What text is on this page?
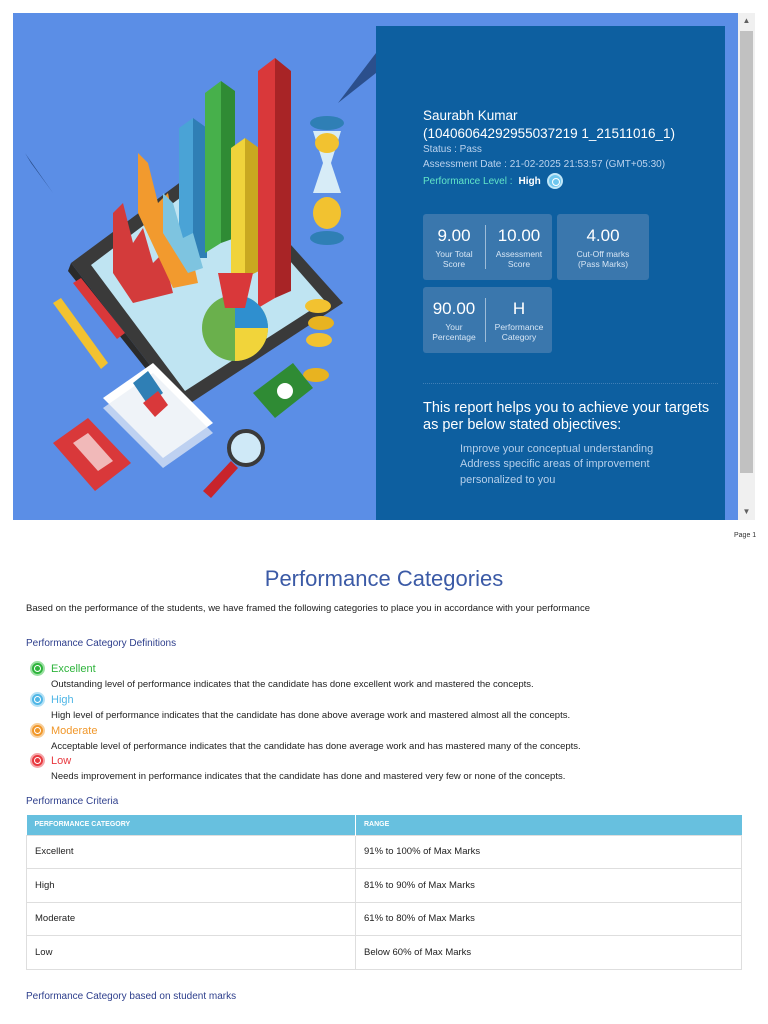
Saurabh Kumar
(10406064292955037219 1_21511016_1)
Status : Pass
Assessment Date : 21-02-2025 21:53:57 (GMT+05:30)
Performance Level : High
9.00
Your Total Score
10.00
Assessment Score
4.00
Cut-Off marks (Pass Marks)
90.00
Your Percentage
H
Performance Category
This report helps you to achieve your targets as per below stated objectives:
Improve your conceptual understanding
Address specific areas of improvement
personalized to you
▲
▼
Page 1
Performance Categories
Based on the performance of the students, we have framed the following categories to place you in accordance with your performance
Performance Category Definitions
Excellent
Outstanding level of performance indicates that the candidate has done excellent work and mastered the concepts.
High
High level of performance indicates that the candidate has done above average work and mastered almost all the concepts.
Moderate
Acceptable level of performance indicates that the candidate has done average work and has mastered many of the concepts.
Low
Needs improvement in performance indicates that the candidate has done and mastered very few or none of the concepts.
Performance Criteria
PERFORMANCE CATEGORY	RANGE
Excellent	91% to 100% of Max Marks
High	81% to 90% of Max Marks
Moderate	61% to 80% of Max Marks
Low	Below 60% of Max Marks
Performance Category based on student marks
